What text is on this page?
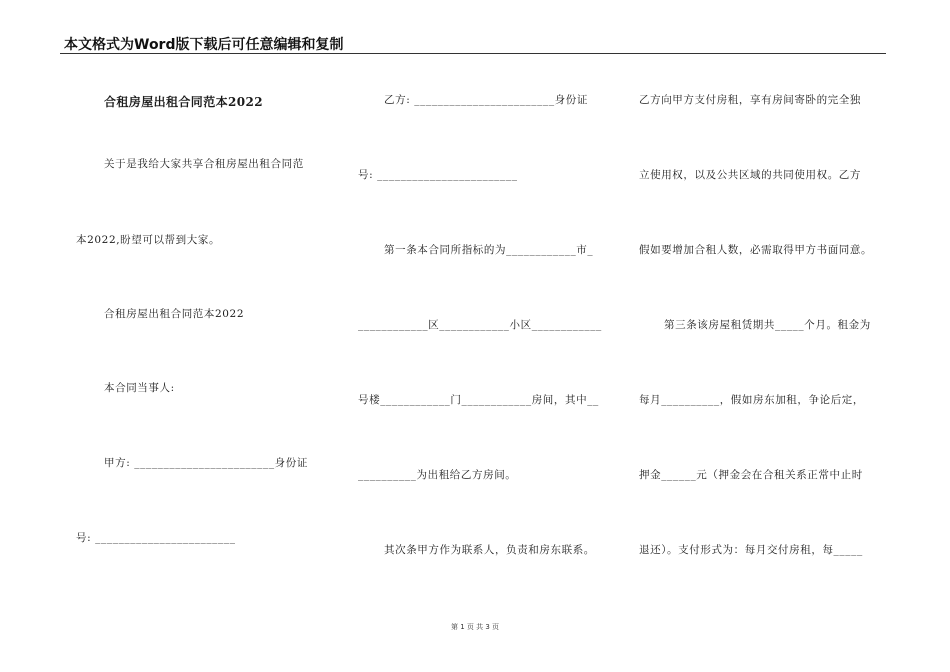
本文格式为Word版下载后可任意编辑和复制
合租房屋出租合同范本2022
关于是我给大家共享合租房屋出租合同范
本2022,盼望可以帮到大家。
合租房屋出租合同范本2022
本合同当事人:
甲方: ________________________身份证
号: ________________________
乙方: ________________________身份证
号: ________________________
第一条本合同所指标的为____________市_
____________区____________小区____________
号楼____________门____________房间，其中__
__________为出租给乙方房间。
其次条甲方作为联系人，负责和房东联系。
乙方向甲方支付房租，享有房间寄卧的完全独
立使用权，以及公共区域的共同使用权。乙方
假如要增加合租人数，必需取得甲方书面同意。
第三条该房屋租赁期共_____个月。租金为
每月__________，假如房东加租，争论后定，
押金______元（押金会在合租关系正常中止时
退还）。支付形式为：每月交付房租，每_____
第 1 页 共 3 页
